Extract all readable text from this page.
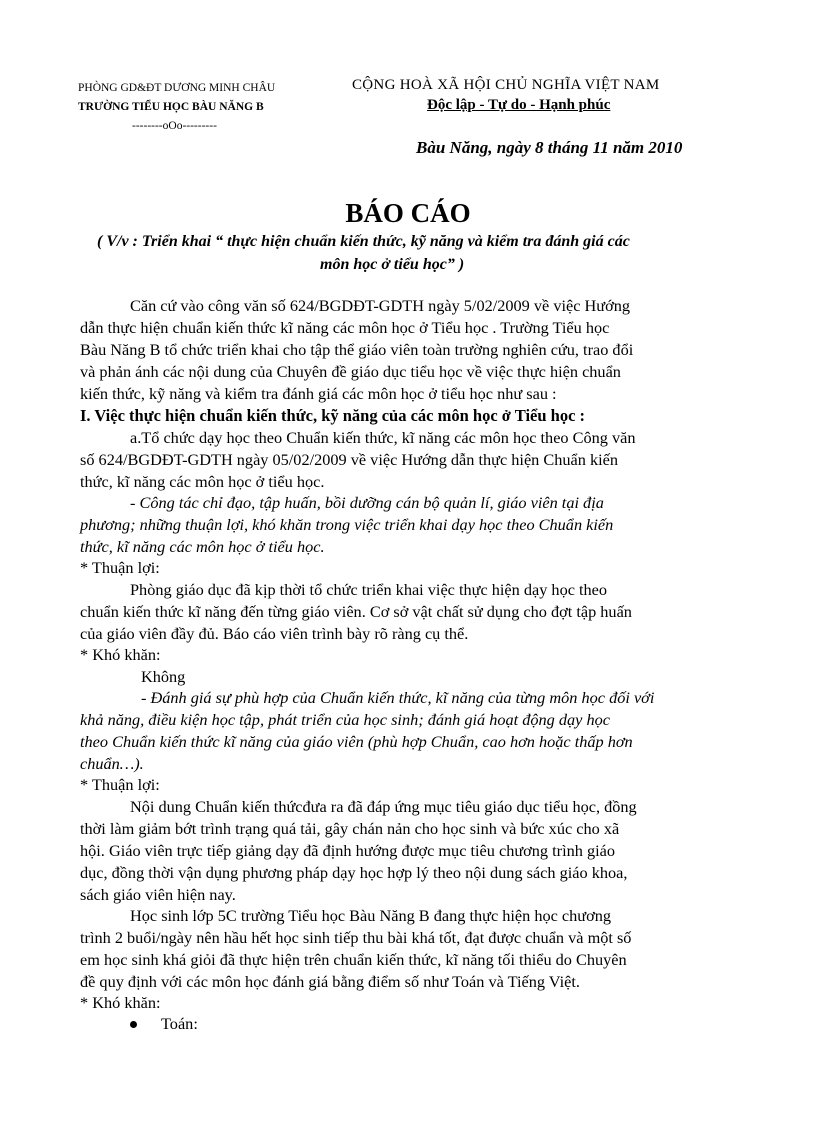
PHÒNG GD&ĐT DƯƠNG MINH CHÂU
TRƯỜNG TIỂU HỌC BÀU NĂNG B
--------oOo---------
CỘNG HOÀ XÃ HỘI CHỦ NGHĨA VIỆT NAM
Độc lập - Tự do - Hạnh phúc
Bàu Năng, ngày 8 tháng 11 năm 2010
BÁO CÁO
( V/v : Triển khai “ thực hiện chuẩn kiến thức, kỹ năng và kiểm tra đánh giá các
môn học ở tiểu học” )
Căn cứ vào công văn số 624/BGDĐT-GDTH ngày 5/02/2009 về việc Hướng
dẫn thực hiện chuẩn kiến thức kĩ năng các môn học ở Tiểu học . Trường Tiểu học
Bàu Năng B tổ chức triển khai cho tập thể giáo viên toàn trường nghiên cứu, trao đổi
và phản ánh các nội dung của Chuyên đề giáo dục tiểu học về việc thực hiện chuẩn
kiến thức, kỹ năng và kiểm tra đánh giá các môn học ở tiểu học như sau :
I. Việc thực hiện chuẩn kiến thức, kỹ năng của các môn học ở Tiểu học :
a.Tổ chức dạy học theo Chuẩn kiến thức, kĩ năng các môn học theo Công văn
số 624/BGDĐT-GDTH ngày 05/02/2009 về việc Hướng dẫn thực hiện Chuẩn kiến
thức, kĩ năng các môn học ở tiểu học.
- Công tác chỉ đạo, tập huấn, bồi dưỡng cán bộ quản lí, giáo viên tại địa
phương; những thuận lợi, khó khăn trong việc triển khai dạy học theo Chuẩn kiến
thức, kĩ năng các môn học ở tiểu học.
* Thuận lợi:
Phòng giáo dục đã kịp thời tổ chức triển khai việc thực hiện dạy học theo
chuẩn kiến thức kĩ năng đến từng giáo viên. Cơ sở vật chất sử dụng cho đợt tập huấn
của giáo viên đầy đủ. Báo cáo viên trình bày rõ ràng cụ thể.
* Khó khăn:
Không
- Đánh giá sự phù hợp của Chuẩn kiến thức, kĩ năng của từng môn học đối với
khả năng, điều kiện học tập, phát triển của học sinh; đánh giá hoạt động dạy học
theo Chuẩn kiến thức kĩ năng của giáo viên (phù hợp Chuẩn, cao hơn hoặc thấp hơn
chuẩn…).
* Thuận lợi:
Nội dung Chuẩn kiến thứcđưa ra đã đáp ứng mục tiêu giáo dục tiểu học, đồng
thời làm giảm bớt trình trạng quá tải, gây chán nản cho học sinh và bức xúc cho xã
hội. Giáo viên trực tiếp giảng dạy đã định hướng được mục tiêu chương trình giáo
dục, đồng thời vận dụng phương pháp dạy học hợp lý theo nội dung sách giáo khoa,
sách giáo viên hiện nay.
Học sinh lớp 5C trường Tiểu học Bàu Năng B đang thực hiện học chương
trình 2 buổi/ngày nên hầu hết học sinh tiếp thu bài khá tốt, đạt được chuẩn và một số
em học sinh khá giỏi đã thực hiện trên chuẩn kiến thức, kĩ năng tối thiểu do Chuyên
đề quy định với các môn học đánh giá bằng điểm số như Toán và Tiếng Việt.
* Khó khăn:
Toán:
